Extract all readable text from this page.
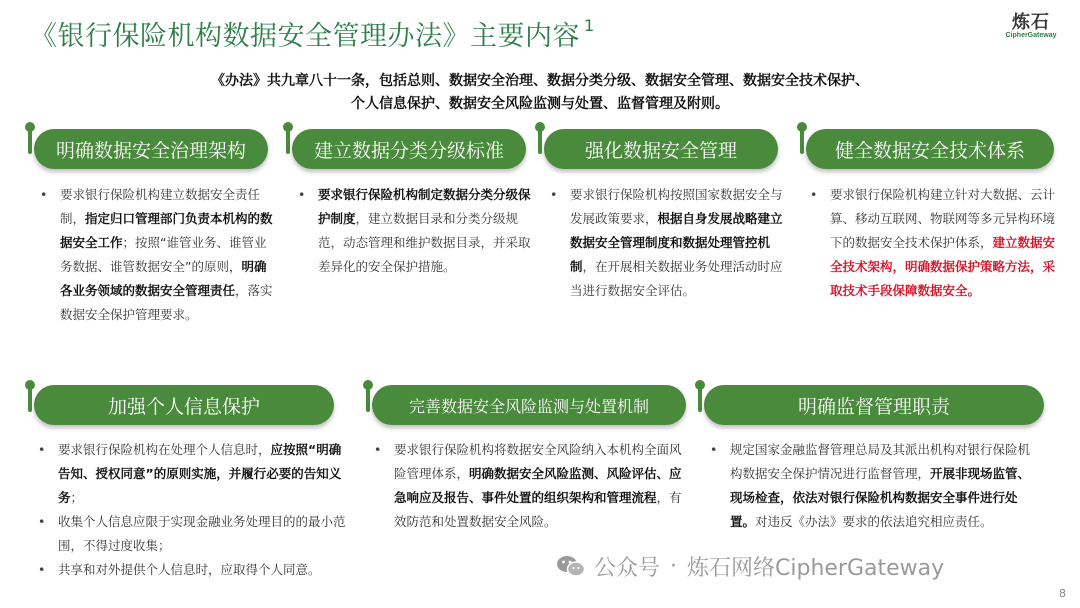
《银行保险机构数据安全管理办法》主要内容 $^1$	炼石
CipherGateway
《办法》共九章八十一条，包括总则、数据安全治理、数据分类分级、数据安全管理、数据安全技术保护、
个人信息保护、数据安全风险监测与处置、监督管理及附则。
明确数据安全治理架构
• 要求银行保险机构建立数据安全责任制，指定归口管理部门负责本机构的数据安全工作；按照“谁管业务、谁管业务数据、谁管数据安全”的原则，明确各业务领域的数据安全管理责任，落实数据安全保护管理要求。
建立数据分类分级标准
• 要求银行保险机构制定数据分类分级保护制度，建立数据目录和分类分级规范，动态管理和维护数据目录，并采取差异化的安全保护措施。
强化数据安全管理
• 要求银行保险机构按照国家数据安全与发展政策要求，根据自身发展战略建立数据安全管理制度和数据处理管控机制，在开展相关数据业务处理活动时应当进行数据安全评估。
健全数据安全技术体系
• 要求银行保险机构建立针对大数据、云计算、移动互联网、物联网等多元异构环境下的数据安全技术保护体系，建立数据安全技术架构，明确数据保护策略方法，采取技术手段保障数据安全。
加强个人信息保护
• 要求银行保险机构在处理个人信息时，应按照“明确告知、授权同意”的原则实施，并履行必要的告知义务；
• 收集个人信息应限于实现金融业务处理目的的最小范围，不得过度收集；
• 共享和对外提供个人信息时，应取得个人同意。
完善数据安全风险监测与处置机制
• 要求银行保险机构将数据安全风险纳入本机构全面风险管理体系，明确数据安全风险监测、风险评估、应急响应及报告、事件处置的组织架构和管理流程，有效防范和处置数据安全风险。
明确监督管理职责
• 规定国家金融监督管理总局及其派出机构对银行保险机构数据安全保护情况进行监督管理，开展非现场监管、现场检查，依法对银行保险机构数据安全事件进行处置。对违反《办法》要求的依法追究相应责任。
公众号 · 炼石网络CipherGateway
8
